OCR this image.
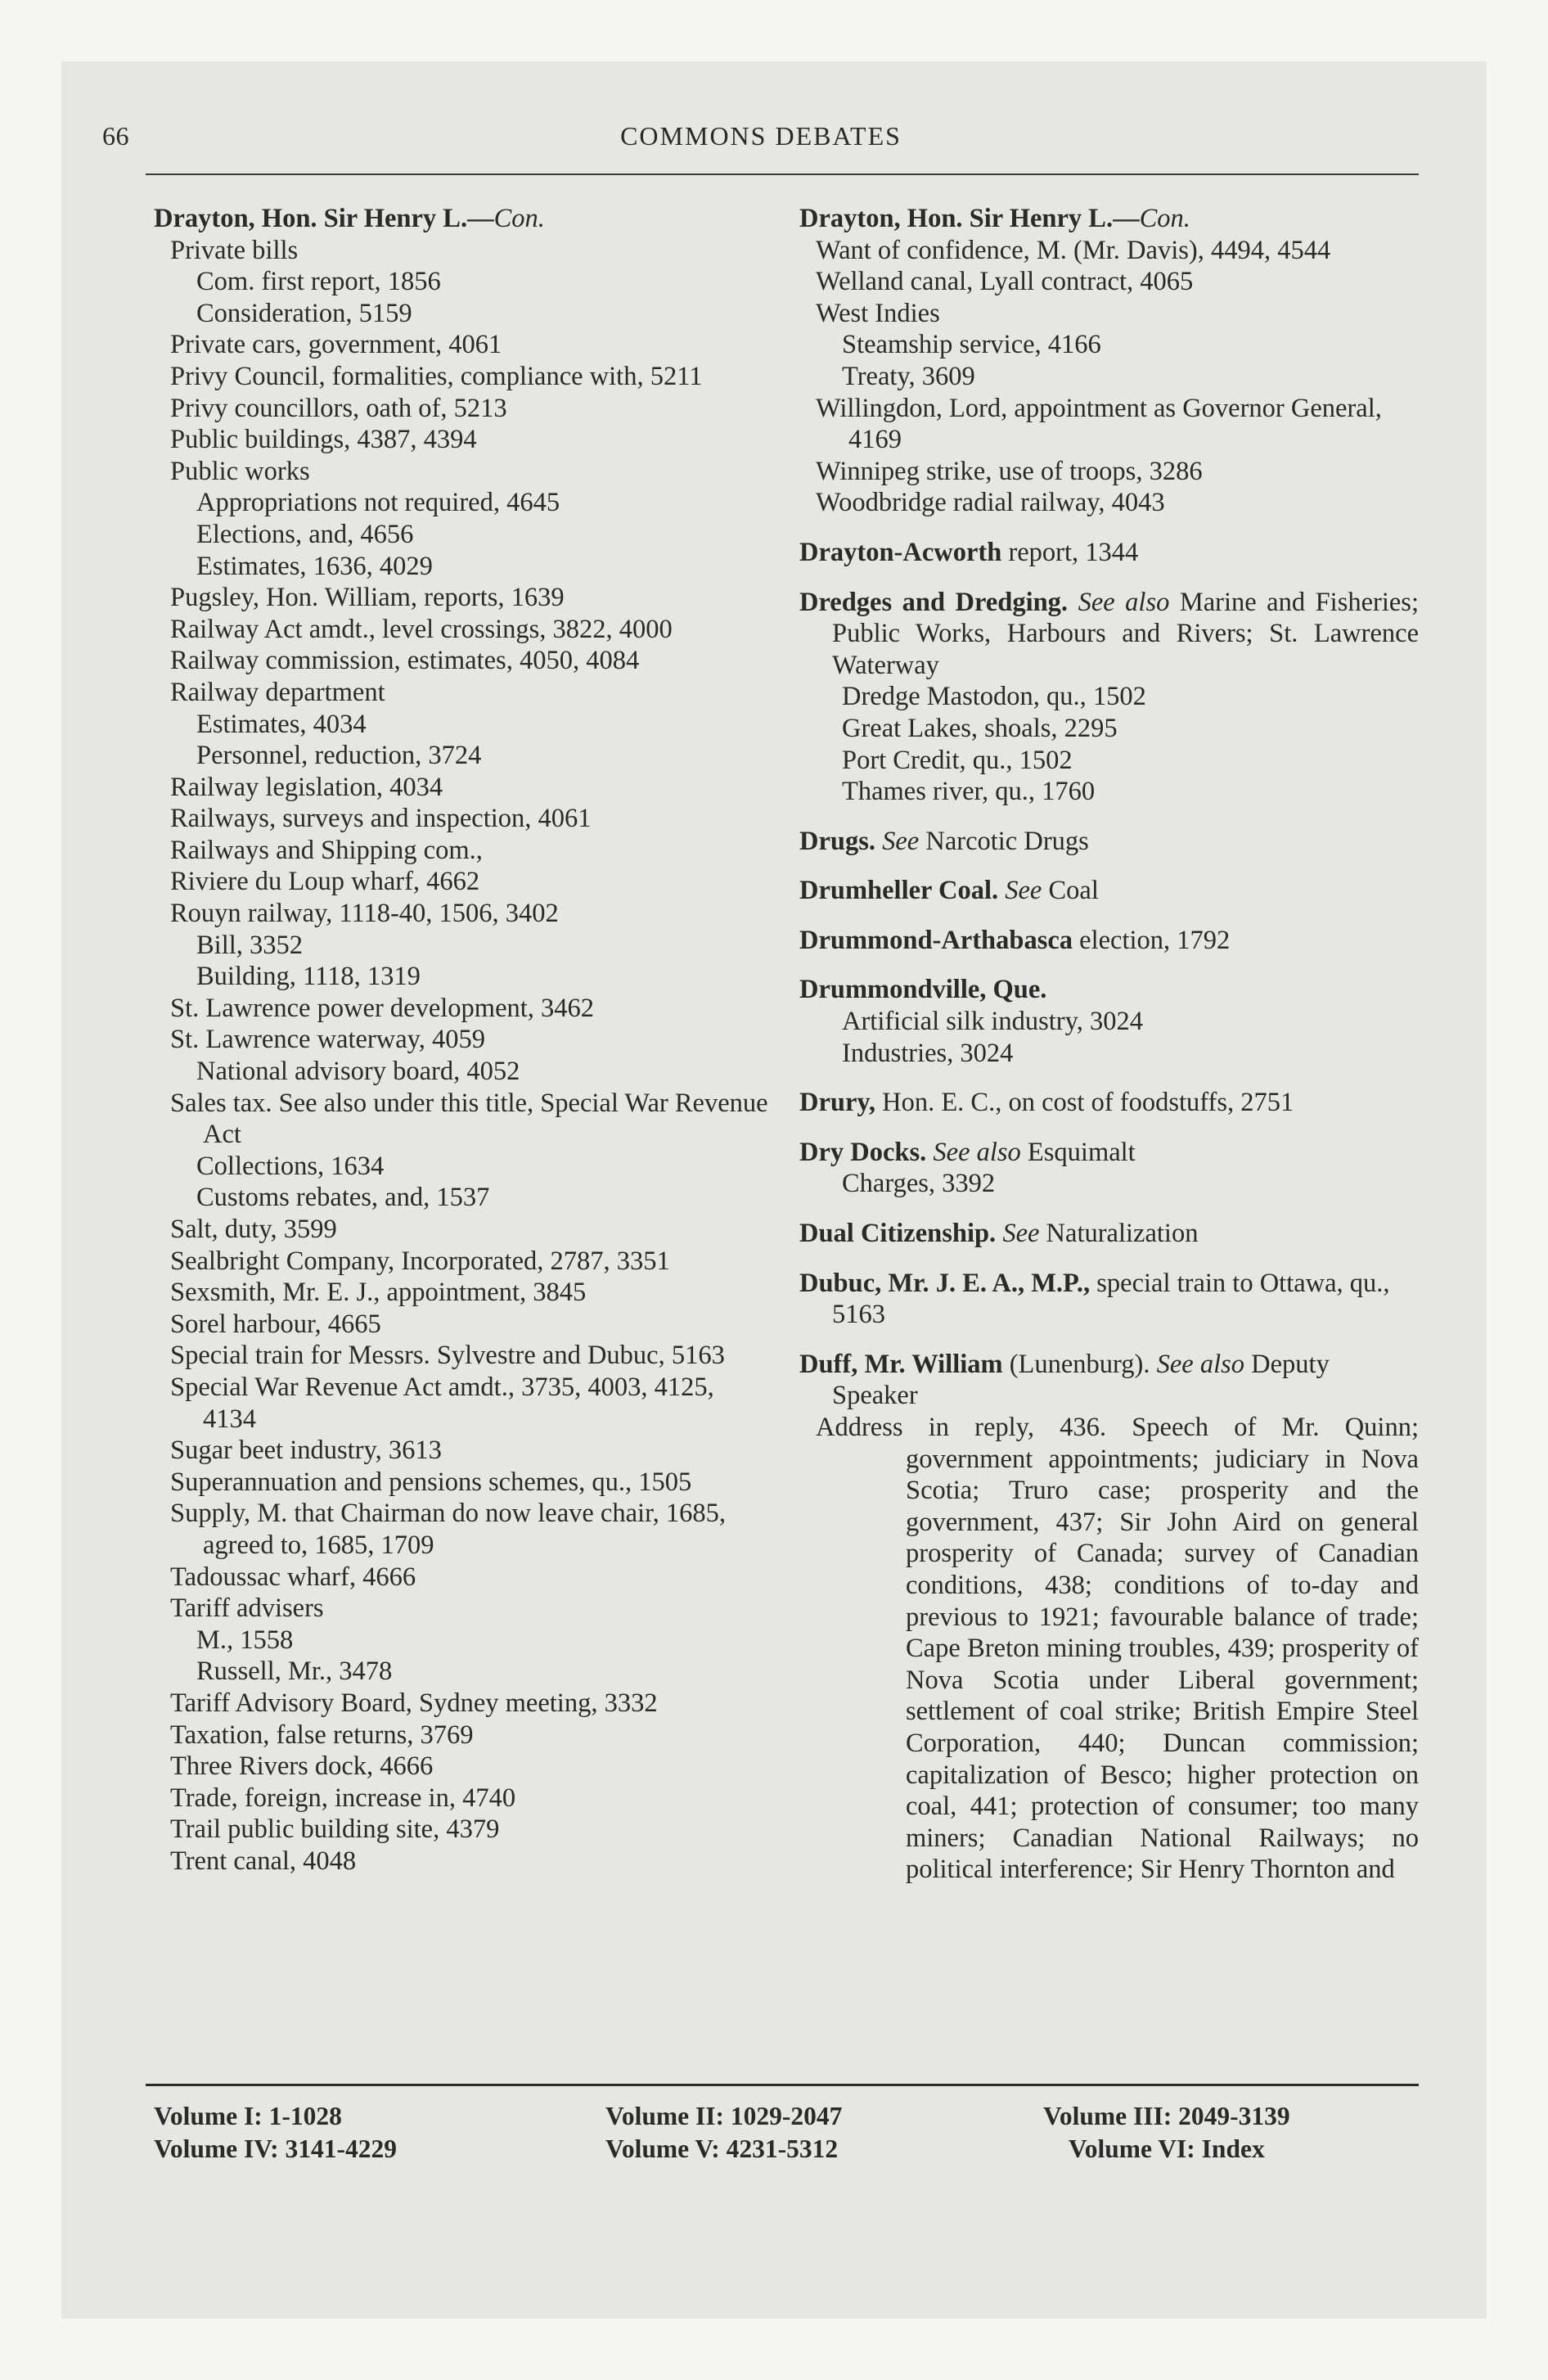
66	COMMONS DEBATES

Drayton, Hon. Sir Henry L.—Con.

Private bills

Com. first report, 1856

Consideration, 5159

Private cars, government, 4061

Privy Council, formalities, compliance with, 5211

Privy councillors, oath of, 5213

Public buildings, 4387, 4394

Public works

Appropriations not required, 4645

Elections, and, 4656

Estimates, 1636, 4029

Pugsley, Hon. William, reports, 1639

Railway Act amdt., level crossings, 3822, 4000

Railway commission, estimates, 4050, 4084

Railway department

Estimates, 4034

Personnel, reduction, 3724

Railway legislation, 4034

Railways, surveys and inspection, 4061

Railways and Shipping com.,

Riviere du Loup wharf, 4662

Rouyn railway, 1118-40, 1506, 3402

Bill, 3352

Building, 1118, 1319

St. Lawrence power development, 3462

St. Lawrence waterway, 4059

National advisory board, 4052

Sales tax. See also under this title, Special War Revenue Act

Collections, 1634

Customs rebates, and, 1537

Salt, duty, 3599

Sealbright Company, Incorporated, 2787, 3351

Sexsmith, Mr. E. J., appointment, 3845

Sorel harbour, 4665

Special train for Messrs. Sylvestre and Dubuc, 5163

Special War Revenue Act amdt., 3735, 4003, 4125, 4134

Sugar beet industry, 3613

Superannuation and pensions schemes, qu., 1505

Supply, M. that Chairman do now leave chair, 1685, agreed to, 1685, 1709

Tadoussac wharf, 4666

Tariff advisers

M., 1558

Russell, Mr., 3478

Tariff Advisory Board, Sydney meeting, 3332

Taxation, false returns, 3769

Three Rivers dock, 4666

Trade, foreign, increase in, 4740

Trail public building site, 4379

Trent canal, 4048

Drayton, Hon. Sir Henry L.—Con.

Want of confidence, M. (Mr. Davis), 4494, 4544

Welland canal, Lyall contract, 4065

West Indies

Steamship service, 4166

Treaty, 3609

Willingdon, Lord, appointment as Governor General, 4169

Winnipeg strike, use of troops, 3286

Woodbridge radial railway, 4043

Drayton-Acworth report, 1344

Dredges and Dredging. See also Marine and Fisheries; Public Works, Harbours and Rivers; St. Lawrence Waterway

Dredge Mastodon, qu., 1502

Great Lakes, shoals, 2295

Port Credit, qu., 1502

Thames river, qu., 1760

Drugs. See Narcotic Drugs

Drumheller Coal. See Coal

Drummond-Arthabasca election, 1792

Drummondville, Que.

Artificial silk industry, 3024

Industries, 3024

Drury, Hon. E. C., on cost of foodstuffs, 2751

Dry Docks. See also Esquimalt

Charges, 3392

Dual Citizenship. See Naturalization

Dubuc, Mr. J. E. A., M.P., special train to Ottawa, qu., 5163

Duff, Mr. William (Lunenburg). See also Deputy Speaker

Address in reply, 436. Speech of Mr. Quinn; government appointments; judiciary in Nova Scotia; Truro case; prosperity and the government, 437; Sir John Aird on general prosperity of Canada; survey of Canadian conditions, 438; conditions of to-day and previous to 1921; favourable balance of trade; Cape Breton mining troubles, 439; prosperity of Nova Scotia under Liberal government; settlement of coal strike; British Empire Steel Corporation, 440; Duncan commission; capitalization of Besco; higher protection on coal, 441; protection of consumer; too many miners; Canadian National Railways; no political interference; Sir Henry Thornton and

Volume I: 1-1028
Volume IV: 3141-4229
Volume II: 1029-2047
Volume V: 4231-5312
Volume III: 2049-3139
Volume VI: Index
